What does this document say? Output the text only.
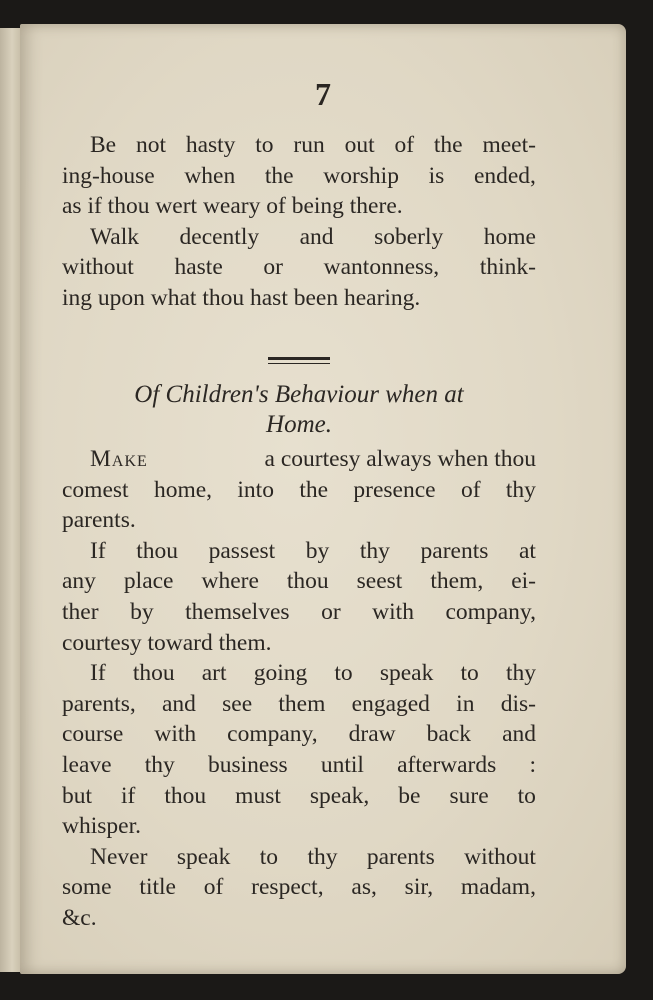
7
Be not hasty to run out of the meet-
ing-house when the worship is ended,
as if thou wert weary of being there.
Walk decently and soberly home
without haste or wantonness, think-
ing upon what thou hast been hearing.
Of Children's Behaviour when at
Home.
Make	a courtesy always when thou
comest home, into the presence of thy
parents.
If thou passest by thy parents at
any place where thou seest them, ei-
ther by themselves or with company,
courtesy toward them.
If thou art going to speak to thy
parents, and see them engaged in dis-
course with company, draw back and
leave thy business until afterwards :
but if thou must speak, be sure to
whisper.
Never speak to thy parents without
some title of respect, as, sir, madam,
&c.
